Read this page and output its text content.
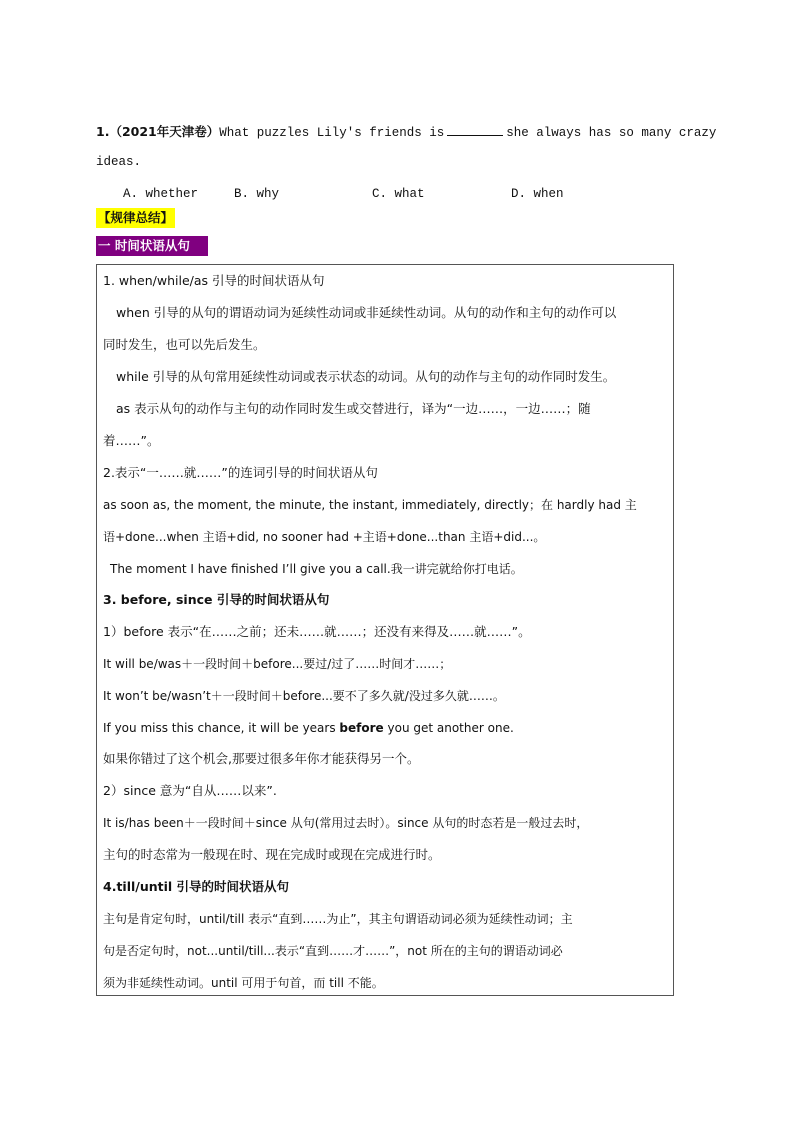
1.（2021年天津卷）What puzzles Lily's friends is	she always has so many crazy
ideas.
A. whether	B. why	C. what	D. when
【规律总结】
一 时间状语从句
1. when/while/as 引导的时间状语从句
when 引导的从句的谓语动词为延续性动词或非延续性动词。从句的动作和主句的动作可以
同时发生，也可以先后发生。
while 引导的从句常用延续性动词或表示状态的动词。从句的动作与主句的动作同时发生。
as 表示从句的动作与主句的动作同时发生或交替进行，译为“一边……，一边……；随
着……”。
2.表示“一……就……”的连词引导的时间状语从句
as soon as, the moment, the minute, the instant, immediately, directly；在 hardly had 主
语+done...when 主语+did, no sooner had +主语+done...than 主语+did...。
The moment I have finished I’ll give you a call.我一讲完就给你打电话。
3. before, since 引导的时间状语从句
1）before 表示“在……之前；还未……就……；还没有来得及……就……”。
It will be/was＋一段时间＋before...要过/过了……时间才……；
It won’t be/wasn’t＋一段时间＋before...要不了多久就/没过多久就……。
If you miss this chance, it will be years before you get another one.
如果你错过了这个机会,那要过很多年你才能获得另一个。
2）since 意为“自从……以来”.
It is/has been＋一段时间＋since 从句(常用过去时）。since 从句的时态若是一般过去时，
主句的时态常为一般现在时、现在完成时或现在完成进行时。
4.till/until 引导的时间状语从句
主句是肯定句时，until/till 表示“直到……为止”，其主句谓语动词必须为延续性动词；主
句是否定句时，not...until/till...表示“直到……才……”，not 所在的主句的谓语动词必
须为非延续性动词。until 可用于句首，而 till 不能。
